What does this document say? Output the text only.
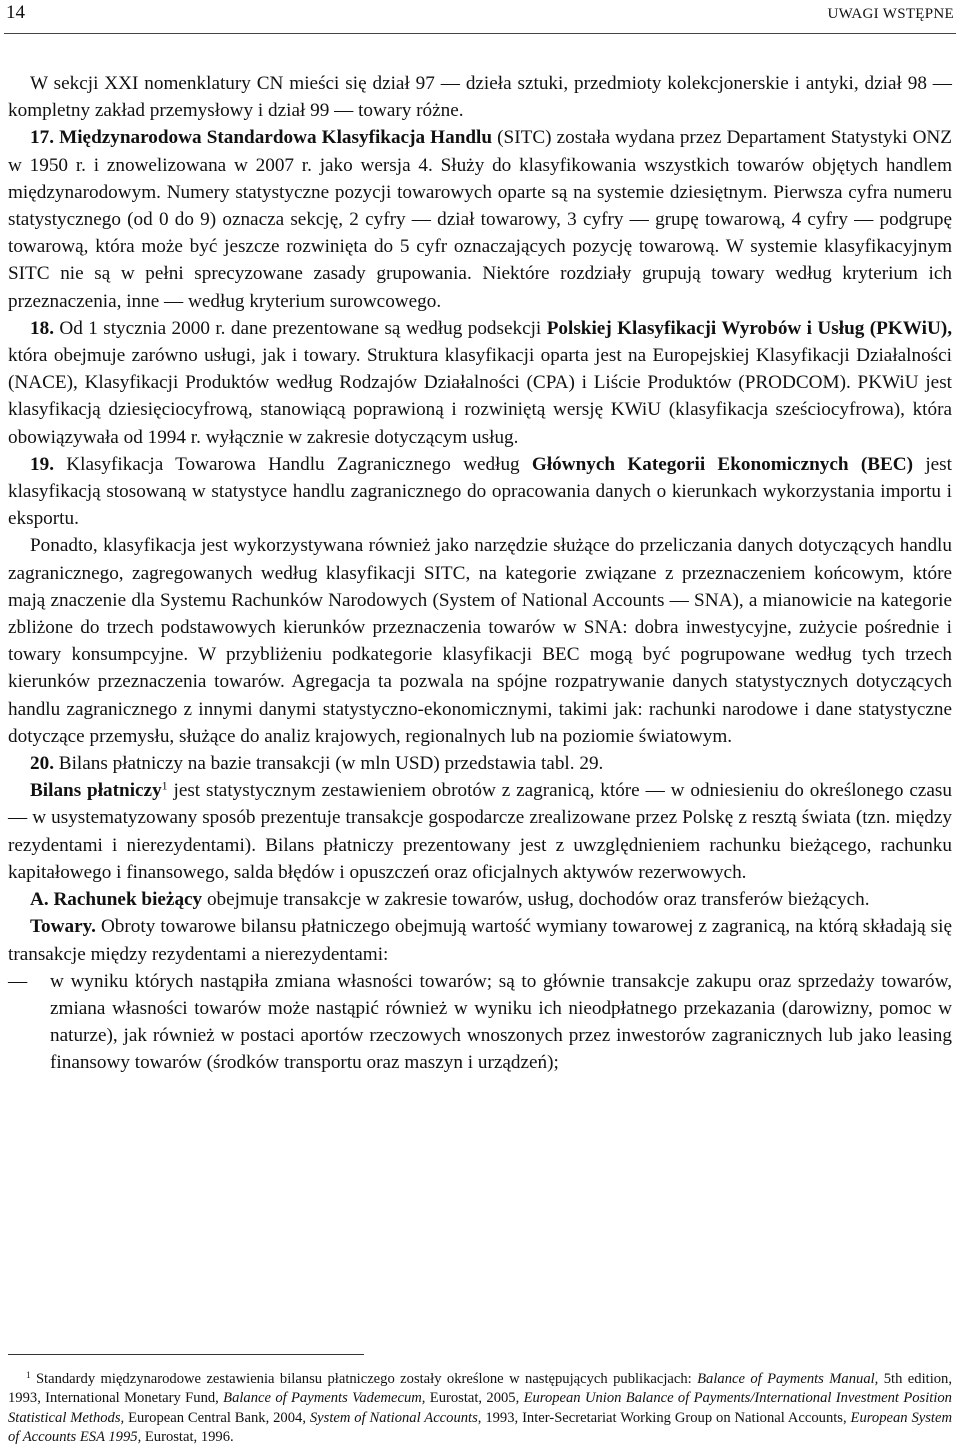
14	UWAGI WSTĘPNE

W sekcji XXI nomenklatury CN mieści się dział 97 — dzieła sztuki, przedmioty kolekcjonerskie i antyki, dział 98 — kompletny zakład przemysłowy i dział 99 — towary różne.

17. Międzynarodowa Standardowa Klasyfikacja Handlu (SITC) została wydana przez Departament Statystyki ONZ w 1950 r. i znowelizowana w 2007 r. jako wersja 4. Służy do klasyfikowania wszystkich towarów objętych handlem międzynarodowym. Numery statystyczne pozycji towarowych oparte są na systemie dziesiętnym. Pierwsza cyfra numeru statystycznego (od 0 do 9) oznacza sekcję, 2 cyfry — dział towarowy, 3 cyfry — grupę towarową, 4 cyfry — podgrupę towarową, która może być jeszcze rozwinięta do 5 cyfr oznaczających pozycję towarową. W systemie klasyfikacyjnym SITC nie są w pełni sprecyzowane zasady grupowania. Niektóre rozdziały grupują towary według kryterium ich przeznaczenia, inne — według kryterium surowcowego.

18. Od 1 stycznia 2000 r. dane prezentowane są według podsekcji Polskiej Klasyfikacji Wyrobów i Usług (PKWiU), która obejmuje zarówno usługi, jak i towary. Struktura klasyfikacji oparta jest na Europejskiej Klasyfikacji Działalności (NACE), Klasyfikacji Produktów według Rodzajów Działalności (CPA) i Liście Produktów (PRODCOM). PKWiU jest klasyfikacją dziesięciocyfrową, stanowiącą poprawioną i rozwiniętą wersję KWiU (klasyfikacja sześciocyfrowa), która obowiązywała od 1994 r. wyłącznie w zakresie dotyczącym usług.

19. Klasyfikacja Towarowa Handlu Zagranicznego według Głównych Kategorii Ekonomicznych (BEC) jest klasyfikacją stosowaną w statystyce handlu zagranicznego do opracowania danych o kierunkach wykorzystania importu i eksportu.

Ponadto, klasyfikacja jest wykorzystywana również jako narzędzie służące do przeliczania danych dotyczących handlu zagranicznego, zagregowanych według klasyfikacji SITC, na kategorie związane z przeznaczeniem końcowym, które mają znaczenie dla Systemu Rachunków Narodowych (System of National Accounts — SNA), a mianowicie na kategorie zbliżone do trzech podstawowych kierunków przeznaczenia towarów w SNA: dobra inwestycyjne, zużycie pośrednie i towary konsumpcyjne. W przybliżeniu podkategorie klasyfikacji BEC mogą być pogrupowane według tych trzech kierunków przeznaczenia towarów. Agregacja ta pozwala na spójne rozpatrywanie danych statystycznych dotyczących handlu zagranicznego z innymi danymi statystyczno-ekonomicznymi, takimi jak: rachunki narodowe i dane statystyczne dotyczące przemysłu, służące do analiz krajowych, regionalnych lub na poziomie światowym.

20. Bilans płatniczy na bazie transakcji (w mln USD) przedstawia tabl. 29.

Bilans płatniczy$^1$ jest statystycznym zestawieniem obrotów z zagranicą, które — w odniesieniu do określonego czasu — w usystematyzowany sposób prezentuje transakcje gospodarcze zrealizowane przez Polskę z resztą świata (tzn. między rezydentami i nierezydentami). Bilans płatniczy prezentowany jest z uwzględnieniem rachunku bieżącego, rachunku kapitałowego i finansowego, salda błędów i opuszczeń oraz oficjalnych aktywów rezerwowych.

A. Rachunek bieżący obejmuje transakcje w zakresie towarów, usług, dochodów oraz transferów bieżących.

Towary. Obroty towarowe bilansu płatniczego obejmują wartość wymiany towarowej z zagranicą, na którą składają się transakcje między rezydentami a nierezydentami:

—	w wyniku których nastąpiła zmiana własności towarów; są to głównie transakcje zakupu oraz sprzedaży towarów, zmiana własności towarów może nastąpić również w wyniku ich nieodpłatnego przekazania (darowizny, pomoc w naturze), jak również w postaci aportów rzeczowych wnoszonych przez inwestorów zagranicznych lub jako leasing finansowy towarów (środków transportu oraz maszyn i urządzeń);
$^1$ Standardy międzynarodowe zestawienia bilansu płatniczego zostały określone w następujących publikacjach: Balance of Payments Manual, 5th edition, 1993, International Monetary Fund, Balance of Payments Vademecum, Eurostat, 2005, European Union Balance of Payments/International Investment Position Statistical Methods, European Central Bank, 2004, System of National Accounts, 1993, Inter-Secretariat Working Group on National Accounts, European System of Accounts ESA 1995, Eurostat, 1996.
